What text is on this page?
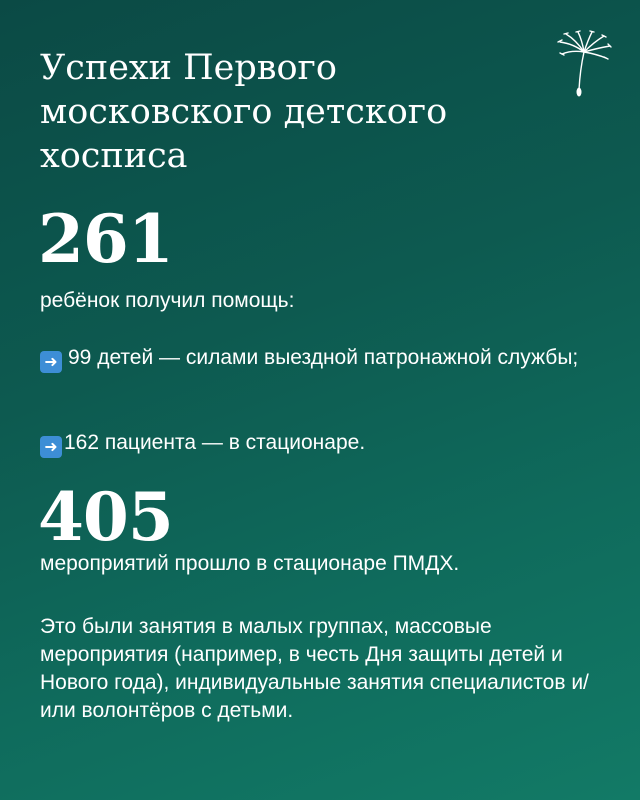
Успехи Первого
московского детского
хосписа
261

ребёнок получил помощь:

➜ 99 детей — силами выездной патронажной службы;

➜ 162 пациента — в стационаре.

405

мероприятий прошло в стационаре ПМДХ.

Это были занятия в малых группах, массовые мероприятия (например, в честь Дня защиты детей и Нового года), индивидуальные занятия специалистов и/или волонтёров с детьми.
